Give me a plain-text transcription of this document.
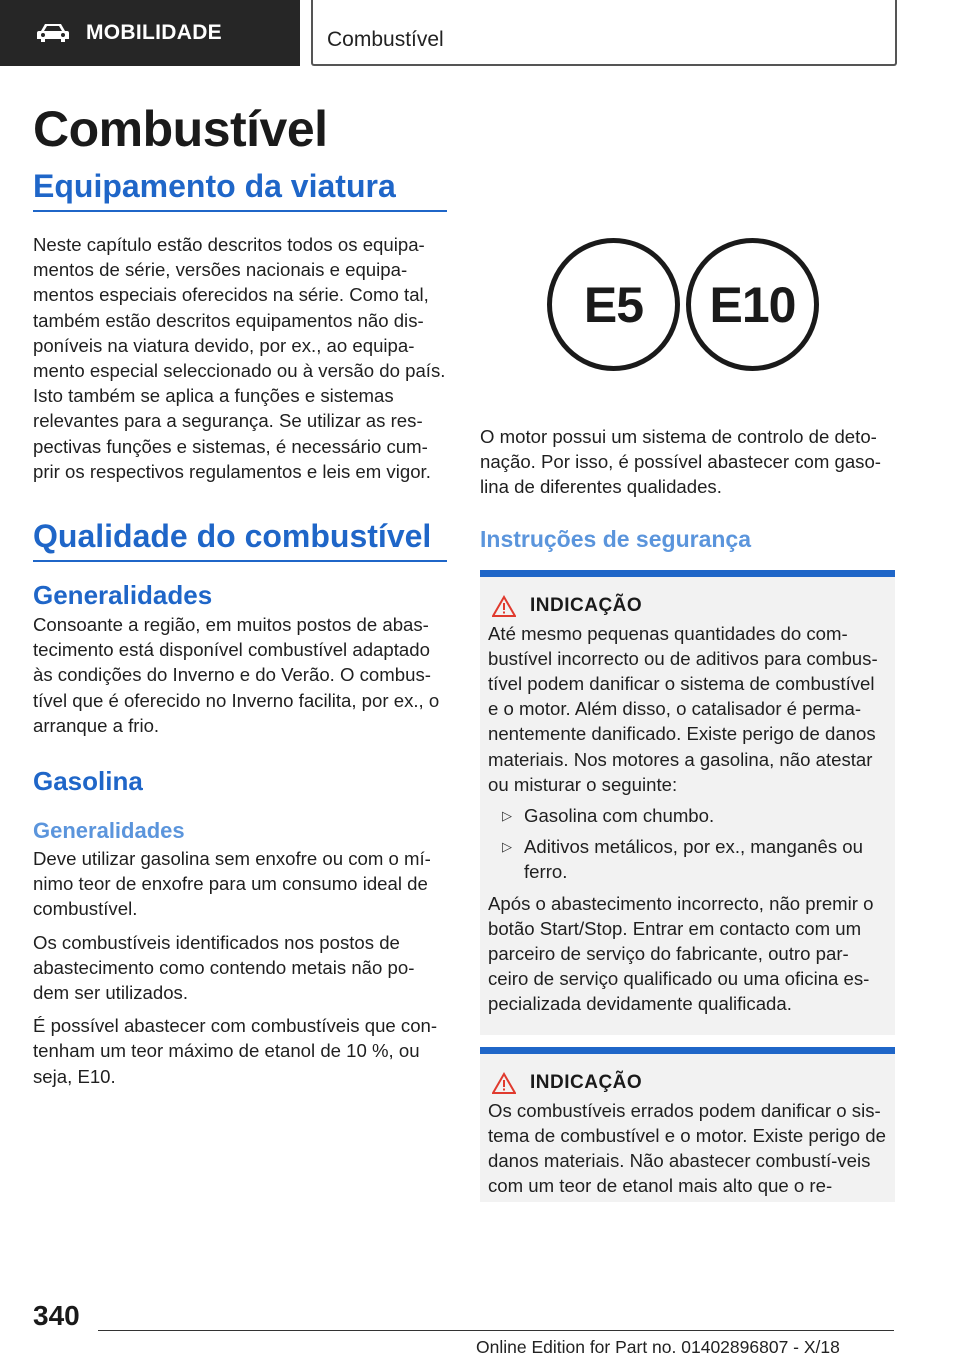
MOBILIDADE	Combustível
Combustível
Equipamento da viatura

Neste capítulo estão descritos todos os equipa-mentos de série, versões nacionais e equipa-mentos especiais oferecidos na série. Como tal, também estão descritos equipamentos não dis-poníveis na viatura devido, por ex., ao equipa-mento especial seleccionado ou à versão do país. Isto também se aplica a funções e sistemas relevantes para a segurança. Se utilizar as res-pectivas funções e sistemas, é necessário cum-prir os respectivos regulamentos e leis em vigor.

Qualidade do combustível
Generalidades

Consoante a região, em muitos postos de abas-tecimento está disponível combustível adaptado às condições do Inverno e do Verão. O combus-tível que é oferecido no Inverno facilita, por ex., o arranque a frio.

Gasolina
Generalidades

Deve utilizar gasolina sem enxofre ou com o mí-nimo teor de enxofre para um consumo ideal de combustível.

Os combustíveis identificados nos postos de abastecimento como contendo metais não po-dem ser utilizados.

É possível abastecer com combustíveis que con-tenham um teor máximo de etanol de 10 %, ou seja, E10.

E5	E10

O motor possui um sistema de controlo de deto-nação. Por isso, é possível abastecer com gaso-lina de diferentes qualidades.

Instruções de segurança
INDICAÇÃO

Até mesmo pequenas quantidades do com-bustível incorrecto ou de aditivos para combus-tível podem danificar o sistema de combustível e o motor. Além disso, o catalisador é perma-nentemente danificado. Existe perigo de danos materiais. Nos motores a gasolina, não atestar ou misturar o seguinte:

▷ Gasolina com chumbo.

▷ Aditivos metálicos, por ex., manganês ou ferro.

Após o abastecimento incorrecto, não premir o botão Start/Stop. Entrar em contacto com um parceiro de serviço do fabricante, outro par-ceiro de serviço qualificado ou uma oficina es-pecializada devidamente qualificada.

INDICAÇÃO

Os combustíveis errados podem danificar o sis-tema de combustível e o motor. Existe perigo de danos materiais. Não abastecer combustí-veis com um teor de etanol mais alto que o re-

340
Online Edition for Part no. 01402896807 - X/18
